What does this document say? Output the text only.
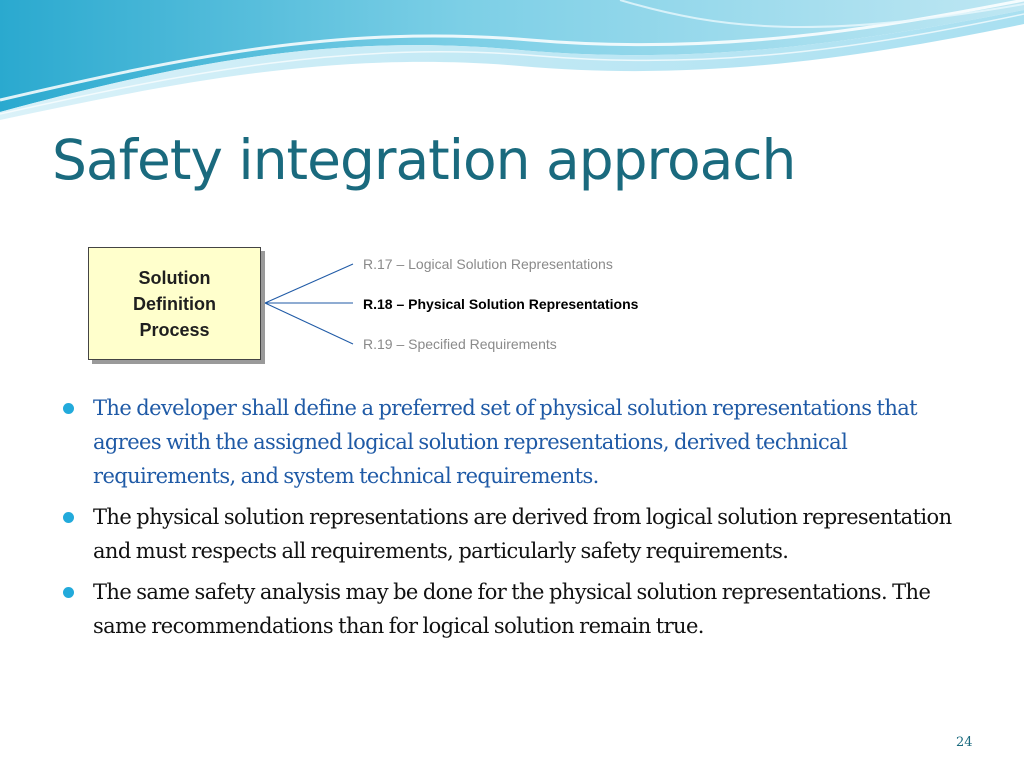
Safety integration approach
Solution
Definition
Process
R.17 – Logical Solution Representations
R.18 – Physical Solution Representations
R.19 – Specified Requirements
The developer shall define a preferred set of physical solution representations that agrees with the assigned logical solution representations, derived technical requirements, and system technical requirements.
The physical solution representations are derived from logical solution representation and must respects all requirements, particularly safety requirements.
The same safety analysis may be done for the physical solution representations. The same recommendations than for logical solution remain true.
24
